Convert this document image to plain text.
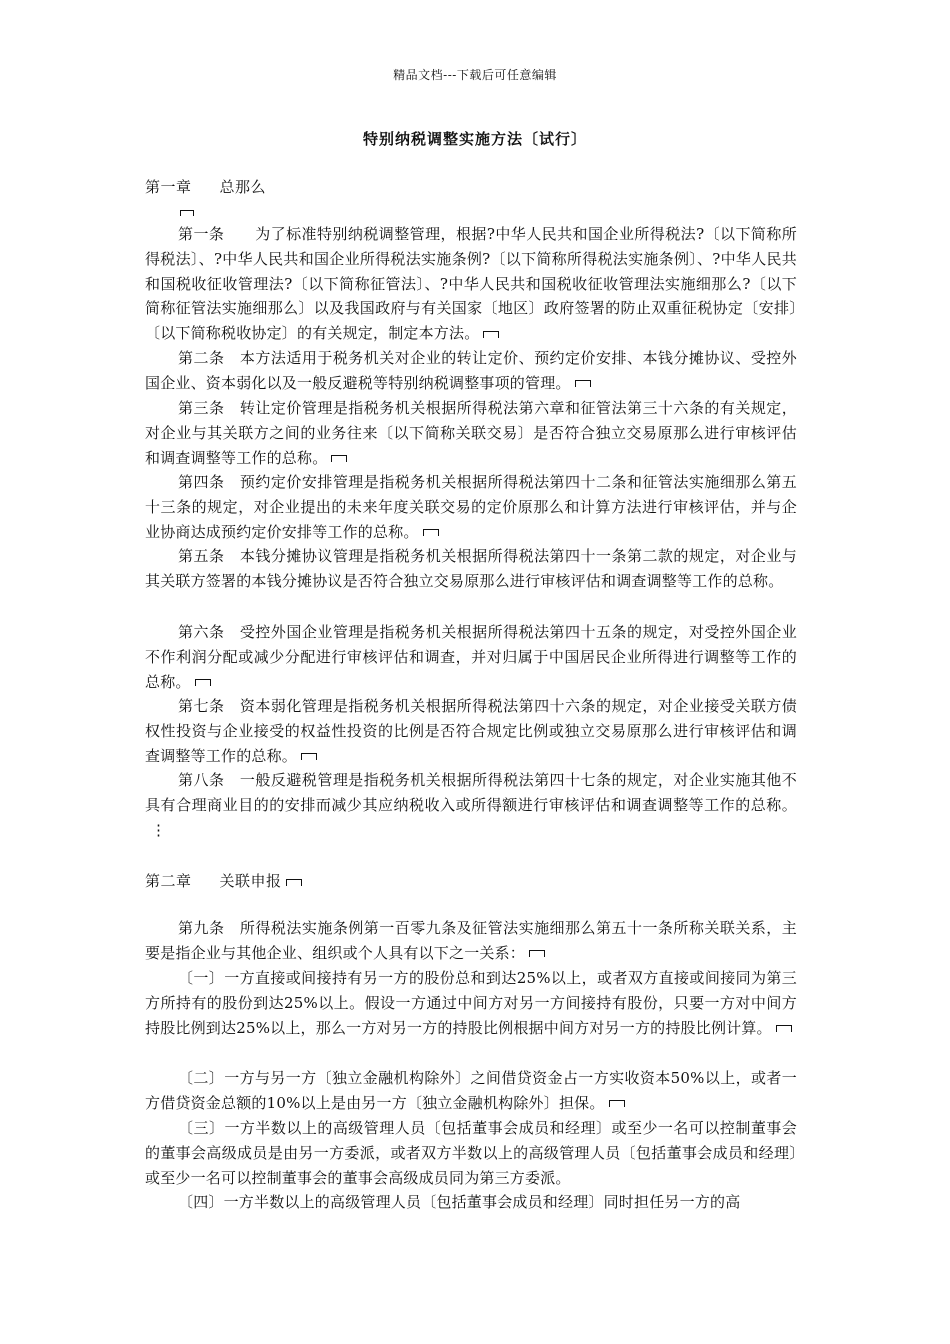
精品文档---下载后可任意编辑
特别纳税调整实施方法〔试行〕
第一章 总那么
第一条　　为了标准特别纳税调整管理，根据?中华人民共和国企业所得税法?〔以下简称所得税法〕、?中华人民共和国企业所得税法实施条例?〔以下简称所得税法实施条例〕、?中华人民共和国税收征收管理法?〔以下简称征管法〕、?中华人民共和国税收征收管理法实施细那么?〔以下简称征管法实施细那么〕以及我国政府与有关国家〔地区〕政府签署的防止双重征税协定〔安排〕〔以下简称税收协定〕的有关规定，制定本方法。
第二条　本方法适用于税务机关对企业的转让定价、预约定价安排、本钱分摊协议、受控外国企业、资本弱化以及一般反避税等特别纳税调整事项的管理。
第三条　转让定价管理是指税务机关根据所得税法第六章和征管法第三十六条的有关规定，对企业与其关联方之间的业务往来〔以下简称关联交易〕是否符合独立交易原那么进行审核评估和调查调整等工作的总称。
第四条　预约定价安排管理是指税务机关根据所得税法第四十二条和征管法实施细那么第五十三条的规定，对企业提出的未来年度关联交易的定价原那么和计算方法进行审核评估，并与企业协商达成预约定价安排等工作的总称。
第五条　本钱分摊协议管理是指税务机关根据所得税法第四十一条第二款的规定，对企业与其关联方签署的本钱分摊协议是否符合独立交易原那么进行审核评估和调查调整等工作的总称。
第六条　受控外国企业管理是指税务机关根据所得税法第四十五条的规定，对受控外国企业不作利润分配或减少分配进行审核评估和调查，并对归属于中国居民企业所得进行调整等工作的总称。
第七条　资本弱化管理是指税务机关根据所得税法第四十六条的规定，对企业接受关联方债权性投资与企业接受的权益性投资的比例是否符合规定比例或独立交易原那么进行审核评估和调查调整等工作的总称。
第八条　一般反避税管理是指税务机关根据所得税法第四十七条的规定，对企业实施其他不具有合理商业目的的安排而减少其应纳税收入或所得额进行审核评估和调查调整等工作的总称。⋮
第二章 关联申报
第九条　所得税法实施条例第一百零九条及征管法实施细那么第五十一条所称关联关系，主要是指企业与其他企业、组织或个人具有以下之一关系：
〔一〕一方直接或间接持有另一方的股份总和到达25%以上，或者双方直接或间接同为第三方所持有的股份到达25%以上。假设一方通过中间方对另一方间接持有股份，只要一方对中间方持股比例到达25%以上，那么一方对另一方的持股比例根据中间方对另一方的持股比例计算。
〔二〕一方与另一方〔独立金融机构除外〕之间借贷资金占一方实收资本50%以上，或者一方借贷资金总额的10%以上是由另一方〔独立金融机构除外〕担保。
〔三〕一方半数以上的高级管理人员〔包括董事会成员和经理〕或至少一名可以控制董事会的董事会高级成员是由另一方委派，或者双方半数以上的高级管理人员〔包括董事会成员和经理〕或至少一名可以控制董事会的董事会高级成员同为第三方委派。
〔四〕一方半数以上的高级管理人员〔包括董事会成员和经理〕同时担任另一方的高
